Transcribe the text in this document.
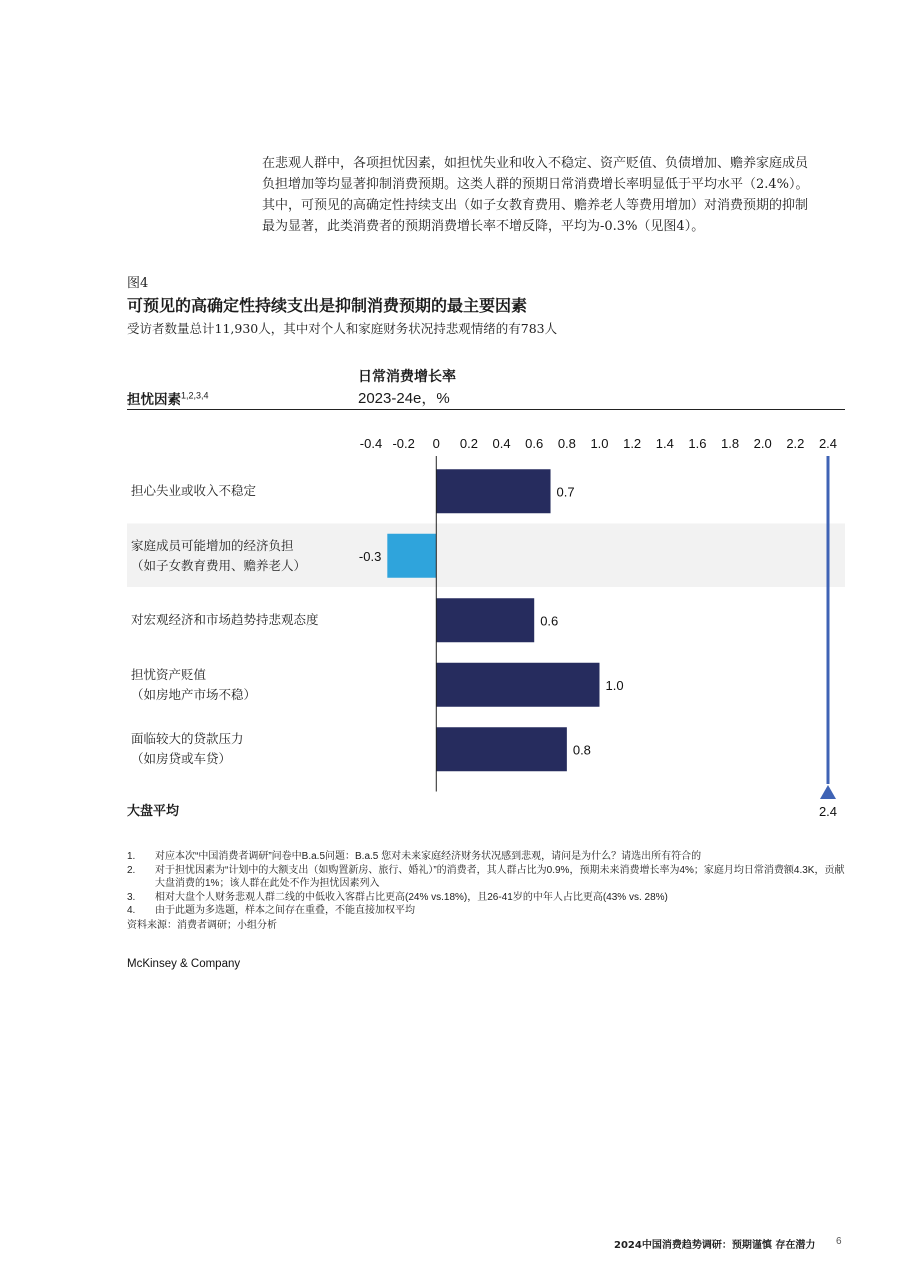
在悲观人群中，各项担忧因素，如担忧失业和收入不稳定、资产贬值、负债增加、赡养家庭成员

负担增加等均显著抑制消费预期。这类人群的预期日常消费增长率明显低于平均水平（2.4%）。

其中，可预见的高确定性持续支出（如子女教育费用、赡养老人等费用增加）对消费预期的抑制

最为显著，此类消费者的预期消费增长率不增反降，平均为-0.3%（见图4）。

图4
可预见的高确定性持续支出是抑制消费预期的最主要因素
受访者数量总计11,930人，其中对个人和家庭财务状况持悲观情绪的有783人
担忧因素$^{1,2,3,4}$
日常消费增长率
2023-24e，%
-0.4 -0.2 0 0.2 0.4 0.6 0.8 1.0 1.2 1.4 1.6 1.8 2.0 2.2 2.4
0.7
-0.3
0.6
1.0
0.8
2.4
担心失业或收入不稳定
家庭成员可能增加的经济负担
（如子女教育费用、赡养老人）
对宏观经济和市场趋势持悲观态度
担忧资产贬值
（如房地产市场不稳）
面临较大的贷款压力
（如房贷或车贷）
大盘平均
1.	对应本次“中国消费者调研”问卷中B.a.5问题：B.a.5 您对未来家庭经济财务状况感到悲观，请问是为什么？请选出所有符合的
2.	对于担忧因素为“计划中的大额支出（如购置新房、旅行、婚礼）”的消费者，其人群占比为0.9%，预期未来消费增长率为4%；家庭月均日常消费额4.3K，贡献大盘消费的1%；该人群在此处不作为担忧因素列入
3.	相对大盘个人财务悲观人群二线的中低收入客群占比更高(24% vs.18%)，且26-41岁的中年人占比更高(43% vs. 28%)
4.	由于此题为多选题，样本之间存在重叠，不能直接加权平均
资料来源：消费者调研；小组分析
McKinsey & Company
2024中国消费趋势调研：预期谨慎 存在潜力 6
